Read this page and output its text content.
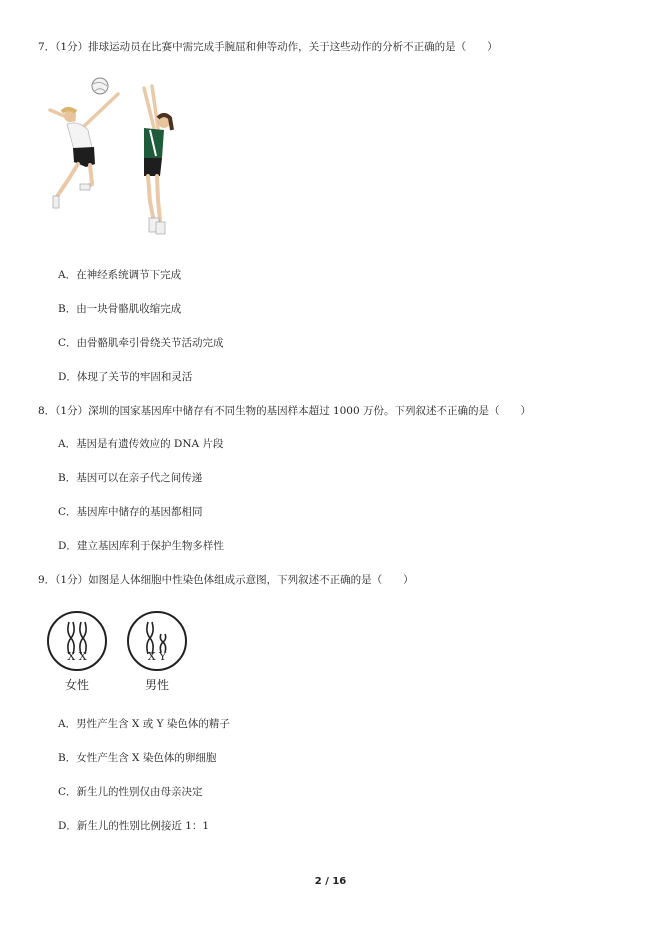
7．（1分）排球运动员在比赛中需完成手腕屈和伸等动作，关于这些动作的分析不正确的是（　　）
A．在神经系统调节下完成
B．由一块骨骼肌收缩完成
C．由骨骼肌牵引骨绕关节活动完成
D．体现了关节的牢固和灵活
8．（1分）深圳的国家基因库中储存有不同生物的基因样本超过 1000 万份。下列叙述不正确的是（　　）
A．基因是有遗传效应的 DNA 片段
B．基因可以在亲子代之间传递
C．基因库中储存的基因都相同
D．建立基因库利于保护生物多样性
9．（1分）如图是人体细胞中性染色体组成示意图，下列叙述不正确的是（　　）
X X	X Y
女性	男性
A．男性产生含 X 或 Y 染色体的精子
B．女性产生含 X 染色体的卵细胞
C．新生儿的性别仅由母亲决定
D．新生儿的性别比例接近 1：1
2 / 16
